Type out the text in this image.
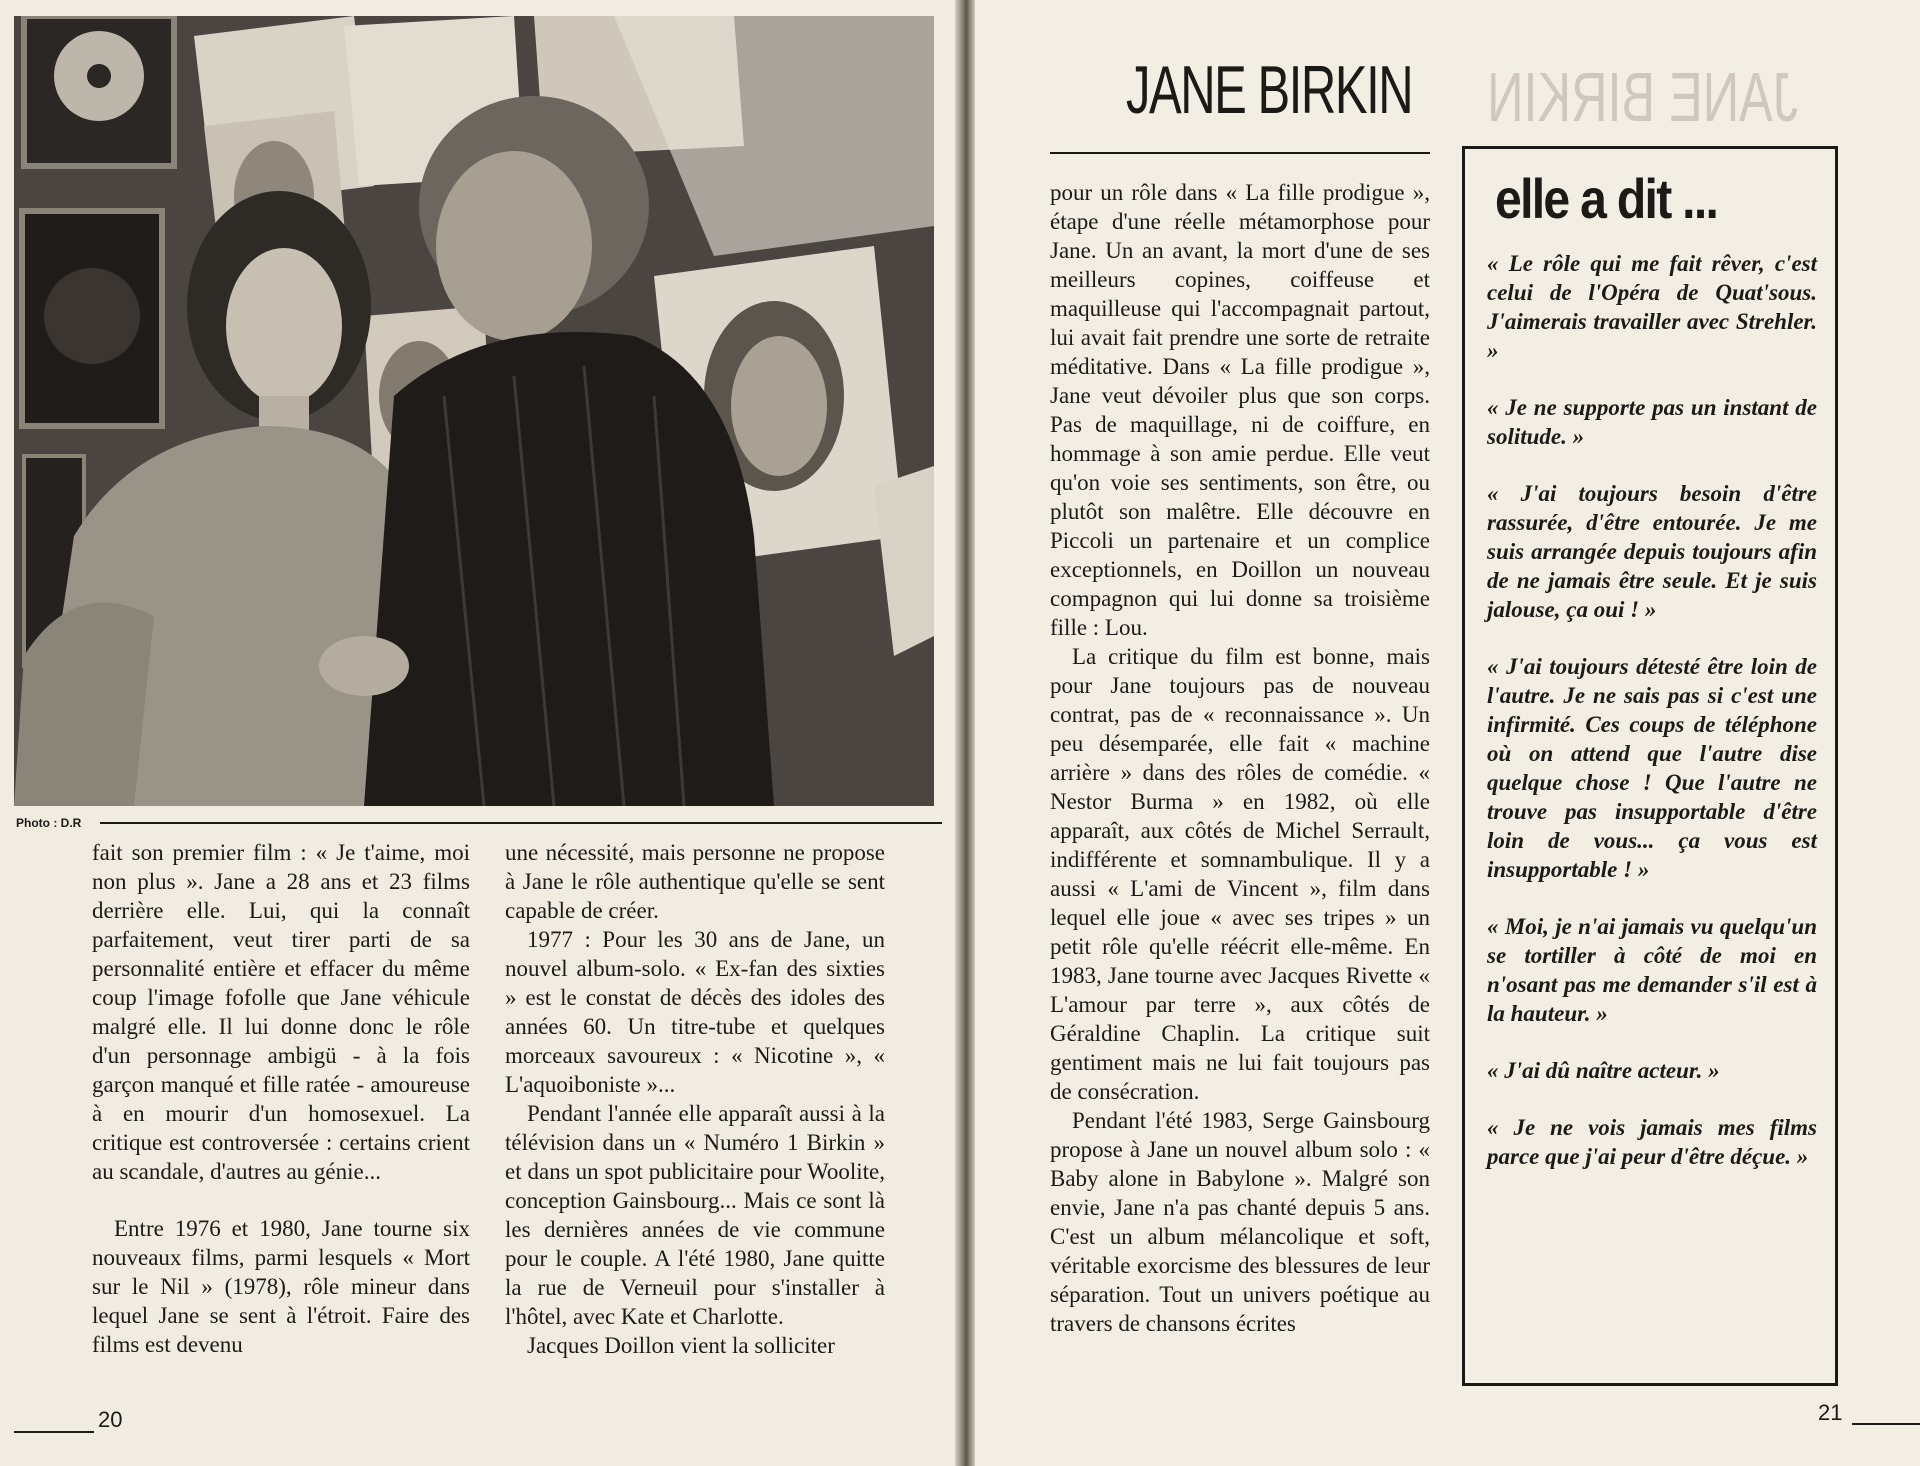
Photo : D.R

fait son premier film : « Je t'aime, moi non plus ». Jane a 28 ans et 23 films derrière elle. Lui, qui la connaît parfaitement, veut tirer parti de sa personnalité entière et effacer du même coup l'image fofolle que Jane véhicule malgré elle. Il lui donne donc le rôle d'un personnage ambigü - à la fois garçon manqué et fille ratée - amoureuse à en mourir d'un homosexuel. La critique est controversée : certains crient au scandale, d'autres au génie...

Entre 1976 et 1980, Jane tourne six nouveaux films, parmi lesquels « Mort sur le Nil » (1978), rôle mineur dans lequel Jane se sent à l'étroit. Faire des films est devenu

une nécessité, mais personne ne propose à Jane le rôle authentique qu'elle se sent capable de créer.

1977 : Pour les 30 ans de Jane, un nouvel album-solo. « Ex-fan des sixties » est le constat de décès des idoles des années 60. Un titre-tube et quelques morceaux savoureux : « Nicotine », « L'aquoiboniste »...

Pendant l'année elle apparaît aussi à la télévision dans un « Numéro 1 Birkin » et dans un spot publicitaire pour Woolite, conception Gainsbourg... Mais ce sont là les dernières années de vie commune pour le couple. A l'été 1980, Jane quitte la rue de Verneuil pour s'installer à l'hôtel, avec Kate et Charlotte.

Jacques Doillon vient la solliciter

20
JANE BIRKIN
JANE BIRKIN

pour un rôle dans « La fille prodigue », étape d'une réelle métamorphose pour Jane. Un an avant, la mort d'une de ses meilleurs copines, coiffeuse et maquilleuse qui l'accompagnait partout, lui avait fait prendre une sorte de retraite méditative. Dans « La fille prodigue », Jane veut dévoiler plus que son corps. Pas de maquillage, ni de coiffure, en hommage à son amie perdue. Elle veut qu'on voie ses sentiments, son être, ou plutôt son malêtre. Elle découvre en Piccoli un partenaire et un complice exceptionnels, en Doillon un nouveau compagnon qui lui donne sa troisième fille : Lou.

La critique du film est bonne, mais pour Jane toujours pas de nouveau contrat, pas de « reconnaissance ». Un peu désemparée, elle fait « machine arrière » dans des rôles de comédie. « Nestor Burma » en 1982, où elle apparaît, aux côtés de Michel Serrault, indifférente et somnambulique. Il y a aussi « L'ami de Vincent », film dans lequel elle joue « avec ses tripes » un petit rôle qu'elle réécrit elle-même. En 1983, Jane tourne avec Jacques Rivette « L'amour par terre », aux côtés de Géraldine Chaplin. La critique suit gentiment mais ne lui fait toujours pas de consécration.

Pendant l'été 1983, Serge Gainsbourg propose à Jane un nouvel album solo : « Baby alone in Babylone ». Malgré son envie, Jane n'a pas chanté depuis 5 ans. C'est un album mélancolique et soft, véritable exorcisme des blessures de leur séparation. Tout un univers poétique au travers de chansons écrites

elle a dit ...

« Le rôle qui me fait rêver, c'est celui de l'Opéra de Quat'sous. J'aimerais travailler avec Strehler. »

« Je ne supporte pas un instant de solitude. »

« J'ai toujours besoin d'être rassurée, d'être entourée. Je me suis arrangée depuis toujours afin de ne jamais être seule. Et je suis jalouse, ça oui ! »

« J'ai toujours détesté être loin de l'autre. Je ne sais pas si c'est une infirmité. Ces coups de téléphone où on attend que l'autre dise quelque chose ! Que l'autre ne trouve pas insupportable d'être loin de vous... ça vous est insupportable ! »

« Moi, je n'ai jamais vu quelqu'un se tortiller à côté de moi en n'osant pas me demander s'il est à la hauteur. »

« J'ai dû naître acteur. »

« Je ne vois jamais mes films parce que j'ai peur d'être déçue. »

21
